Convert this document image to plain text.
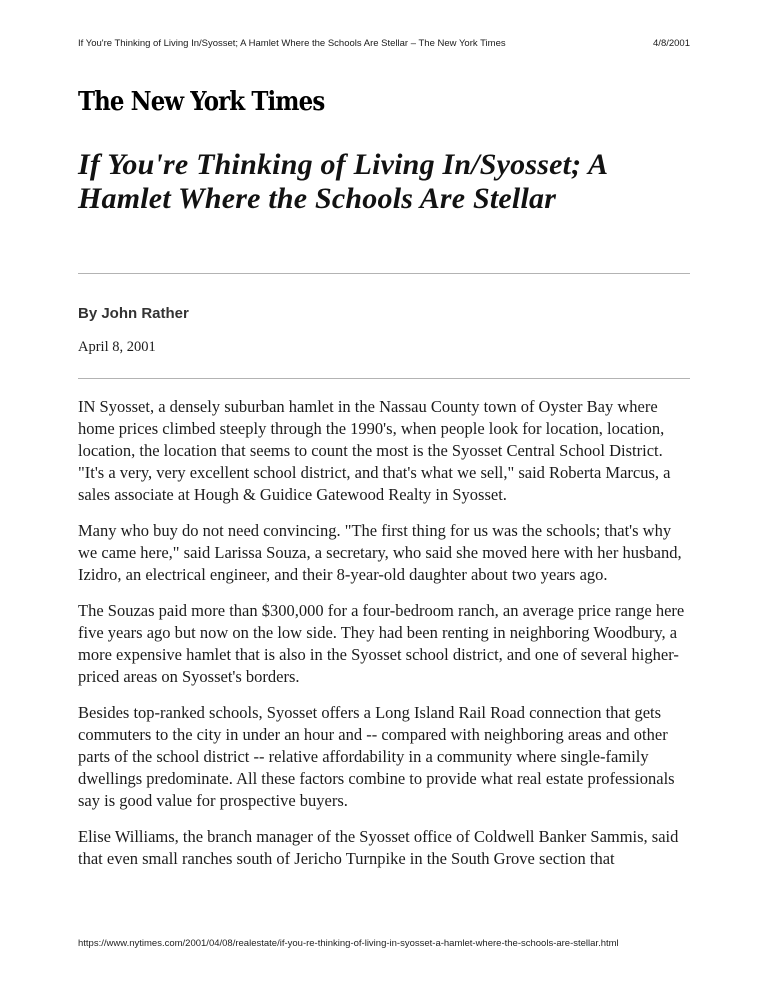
If You're Thinking of Living In/Syosset; A Hamlet Where the Schools Are Stellar – The New York Times	4/8/2001
The New York Times
If You're Thinking of Living In/Syosset; A Hamlet Where the Schools Are Stellar
By John Rather
April 8, 2001

IN Syosset, a densely suburban hamlet in the Nassau County town of Oyster Bay where home prices climbed steeply through the 1990's, when people look for location, location, location, the location that seems to count the most is the Syosset Central School District. "It's a very, very excellent school district, and that's what we sell," said Roberta Marcus, a sales associate at Hough & Guidice Gatewood Realty in Syosset.

Many who buy do not need convincing. "The first thing for us was the schools; that's why we came here," said Larissa Souza, a secretary, who said she moved here with her husband, Izidro, an electrical engineer, and their 8-year-old daughter about two years ago.

The Souzas paid more than $300,000 for a four-bedroom ranch, an average price range here five years ago but now on the low side. They had been renting in neighboring Woodbury, a more expensive hamlet that is also in the Syosset school district, and one of several higher-priced areas on Syosset's borders.

Besides top-ranked schools, Syosset offers a Long Island Rail Road connection that gets commuters to the city in under an hour and -- compared with neighboring areas and other parts of the school district -- relative affordability in a community where single-family dwellings predominate. All these factors combine to provide what real estate professionals say is good value for prospective buyers.

Elise Williams, the branch manager of the Syosset office of Coldwell Banker Sammis, said that even small ranches south of Jericho Turnpike in the South Grove section that

https://www.nytimes.com/2001/04/08/realestate/if-you-re-thinking-of-living-in-syosset-a-hamlet-where-the-schools-are-stellar.html
